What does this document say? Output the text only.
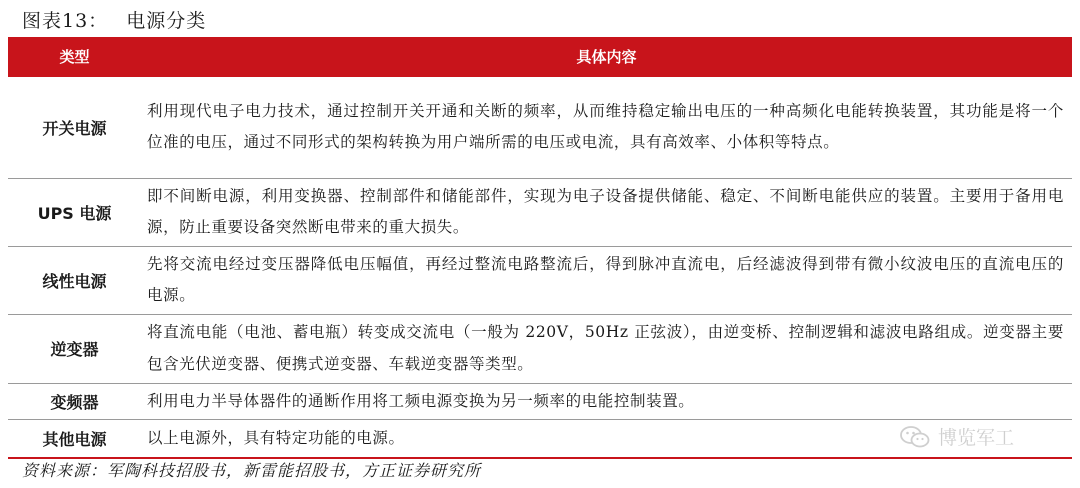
图表13： 电源分类
类型	具体内容
开关电源	利用现代电子电力技术，通过控制开关开通和关断的频率，从而维持稳定输出电压的一种高频化电能转换装置，其功能是将一个位准的电压，通过不同形式的架构转换为用户端所需的电压或电流，具有高效率、小体积等特点。
UPS 电源	即不间断电源，利用变换器、控制部件和储能部件，实现为电子设备提供储能、稳定、不间断电能供应的装置。主要用于备用电源，防止重要设备突然断电带来的重大损失。
线性电源	先将交流电经过变压器降低电压幅值，再经过整流电路整流后，得到脉冲直流电，后经滤波得到带有微小纹波电压的直流电压的电源。
逆变器	将直流电能（电池、蓄电瓶）转变成交流电（一般为 220V，50Hz 正弦波），由逆变桥、控制逻辑和滤波电路组成。逆变器主要包含光伏逆变器、便携式逆变器、车载逆变器等类型。
变频器	利用电力半导体器件的通断作用将工频电源变换为另一频率的电能控制装置。
其他电源	以上电源外，具有特定功能的电源。
资料来源：军陶科技招股书，新雷能招股书，方正证券研究所
博览军工
